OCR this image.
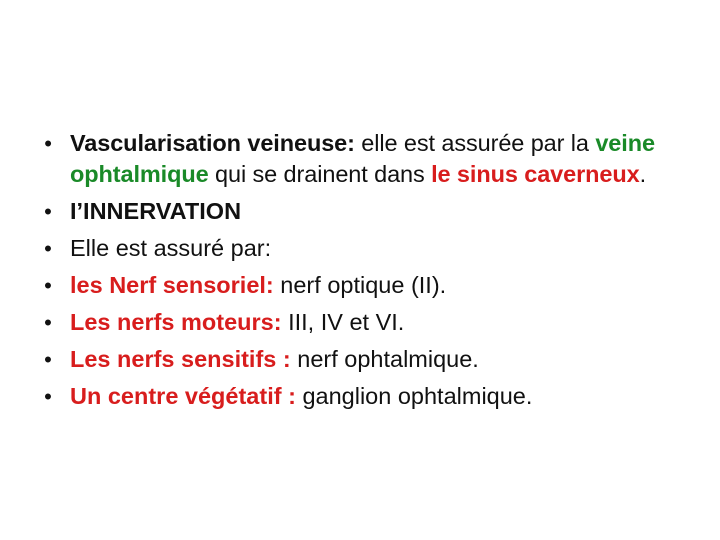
• Vascularisation veineuse: elle est assurée par la veine ophtalmique qui se drainent dans le sinus caverneux.
• I’INNERVATION
• Elle est assuré par:
• les Nerf sensoriel: nerf optique (II).
• Les nerfs moteurs: III, IV et VI.
• Les nerfs sensitifs : nerf ophtalmique.
• Un centre végétatif : ganglion ophtalmique.
